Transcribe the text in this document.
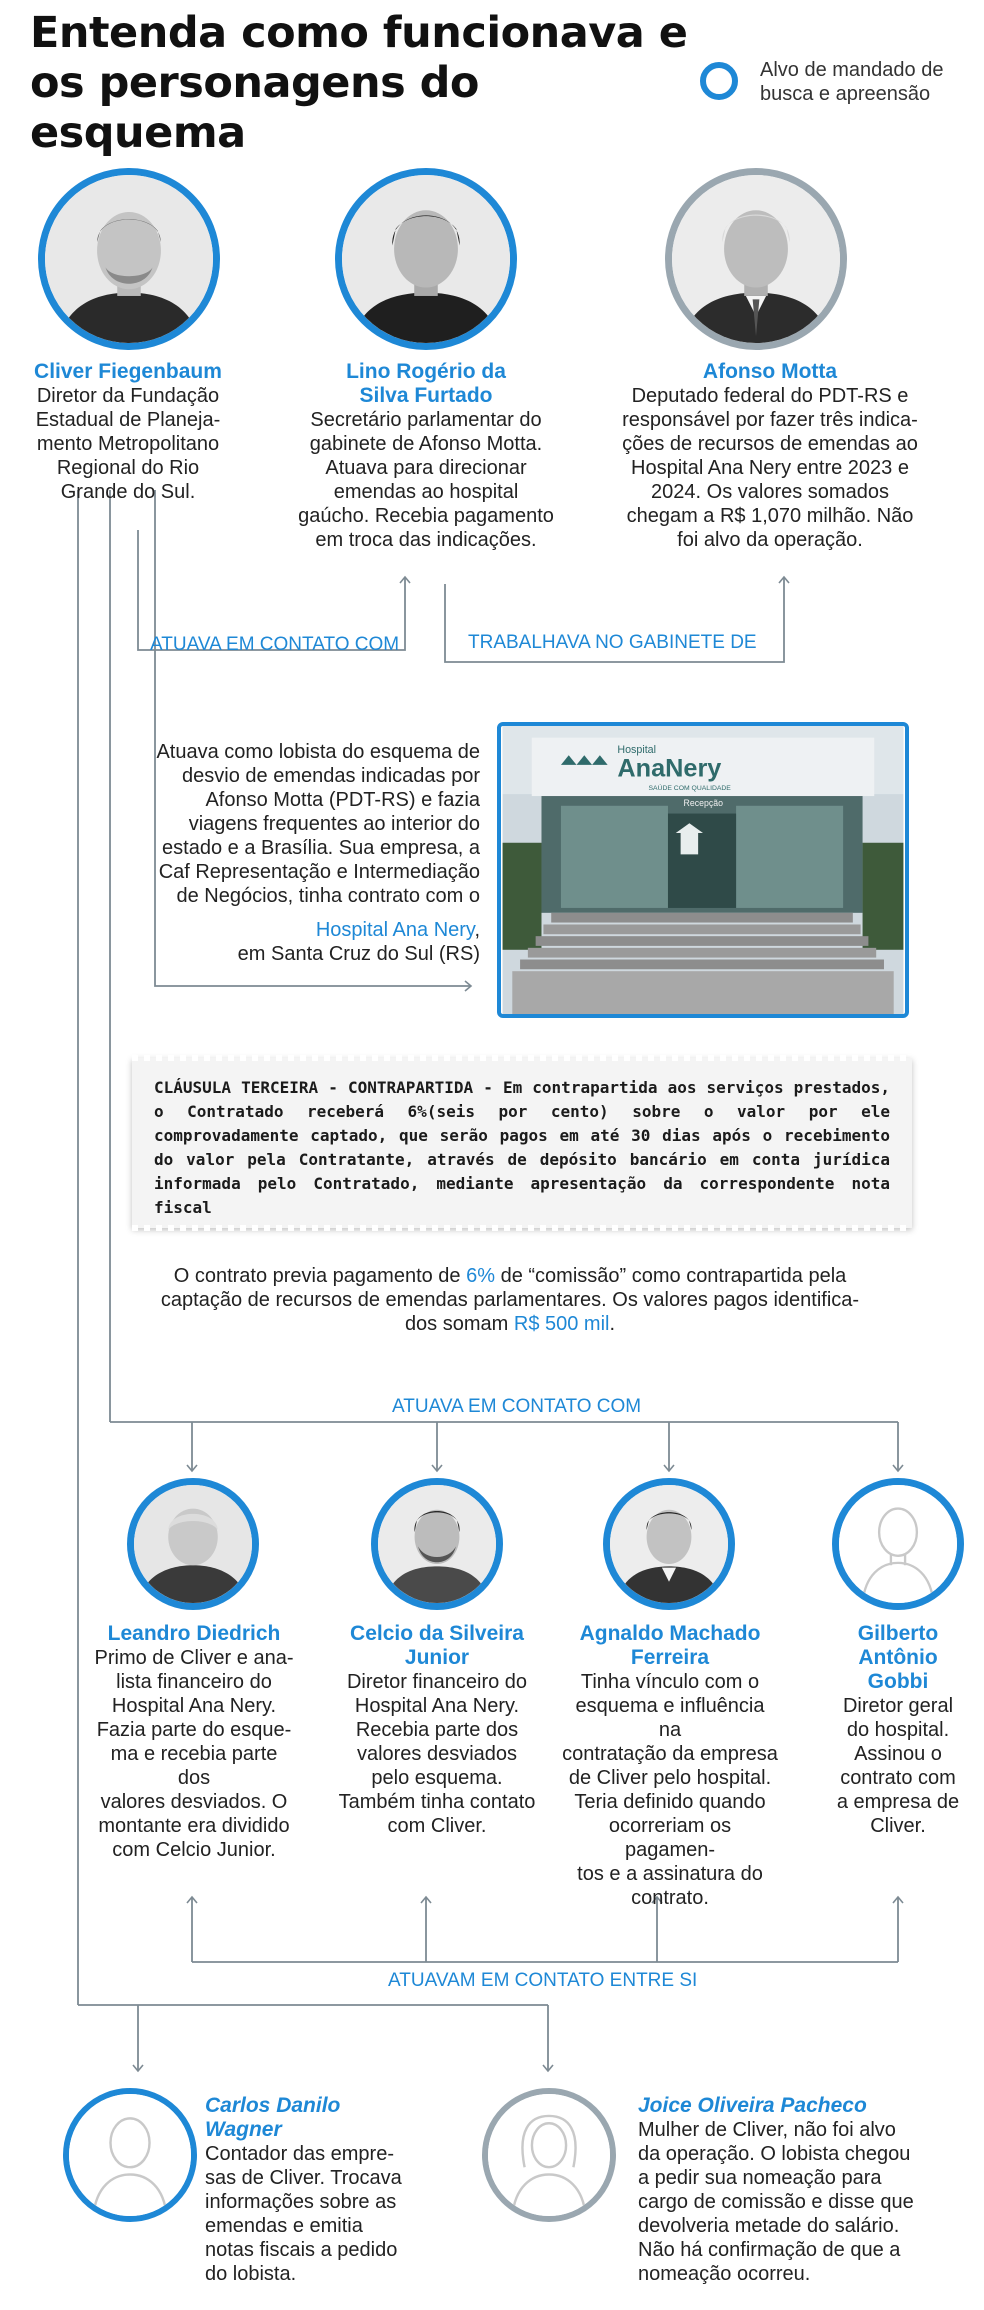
Entenda como funcionava e
os personagens do esquema
Alvo de mandado de
busca e apreensão
ATUAVA EM CONTATO COM	TRABALHAVA NO GABINETE DE
ATUAVA EM CONTATO COM
ATUAVAM EM CONTATO ENTRE SI
Cliver Fiegenbaum
Diretor da Fundação
Estadual de Planeja-
mento Metropolitano
Regional do Rio
Grande do Sul.
Lino Rogério da
Silva Furtado
Secretário parlamentar do
gabinete de Afonso Motta.
Atuava para direcionar
emendas ao hospital
gaúcho. Recebia pagamento
em troca das indicações.
Afonso Motta
Deputado federal do PDT-RS e
responsável por fazer três indica-
ções de recursos de emendas ao
Hospital Ana Nery entre 2023 e
2024. Os valores somados
chegam a R$ 1,070 milhão. Não
foi alvo da operação.
Atuava como lobista do esquema de
desvio de emendas indicadas por
Afonso Motta (PDT-RS) e fazia
viagens frequentes ao interior do
estado e a Brasília. Sua empresa, a
Caf Representação e Intermediação
de Negócios, tinha contrato com o
Hospital Ana Nery,
em Santa Cruz do Sul (RS)
Hospital
AnaNery
SAÚDE COM QUALIDADE
Recepção
CLÁUSULA TERCEIRA - CONTRAPARTIDA - Em contrapartida aos serviços prestados, o Contratado receberá 6%(seis por cento) sobre o valor por ele comprovadamente captado, que serão pagos em até 30 dias após o recebimento do valor pela Contratante, através de depósito bancário em conta jurídica informada pelo Contratado, mediante apresentação da correspondente nota fiscal
O contrato previa pagamento de 6% de “comissão” como contrapartida pela
captação de recursos de emendas parlamentares. Os valores pagos identifica-
dos somam R$ 500 mil.
Leandro Diedrich
Primo de Cliver e ana-
lista financeiro do
Hospital Ana Nery.
Fazia parte do esque-
ma e recebia parte dos
valores desviados. O
montante era dividido
com Celcio Junior.
Celcio da Silveira
Junior
Diretor financeiro do
Hospital Ana Nery.
Recebia parte dos
valores desviados
pelo esquema.
Também tinha contato
com Cliver.
Agnaldo Machado
Ferreira
Tinha vínculo com o
esquema e influência na
contratação da empresa
de Cliver pelo hospital.
Teria definido quando
ocorreriam os pagamen-
tos e a assinatura do
contrato.
Gilberto
Antônio
Gobbi
Diretor geral
do hospital.
Assinou o
contrato com
a empresa de
Cliver.
Carlos Danilo
Wagner
Contador das empre-
sas de Cliver. Trocava
informações sobre as
emendas e emitia
notas fiscais a pedido
do lobista.
Joice Oliveira Pacheco
Mulher de Cliver, não foi alvo
da operação. O lobista chegou
a pedir sua nomeação para
cargo de comissão e disse que
devolveria metade do salário.
Não há confirmação de que a
nomeação ocorreu.
